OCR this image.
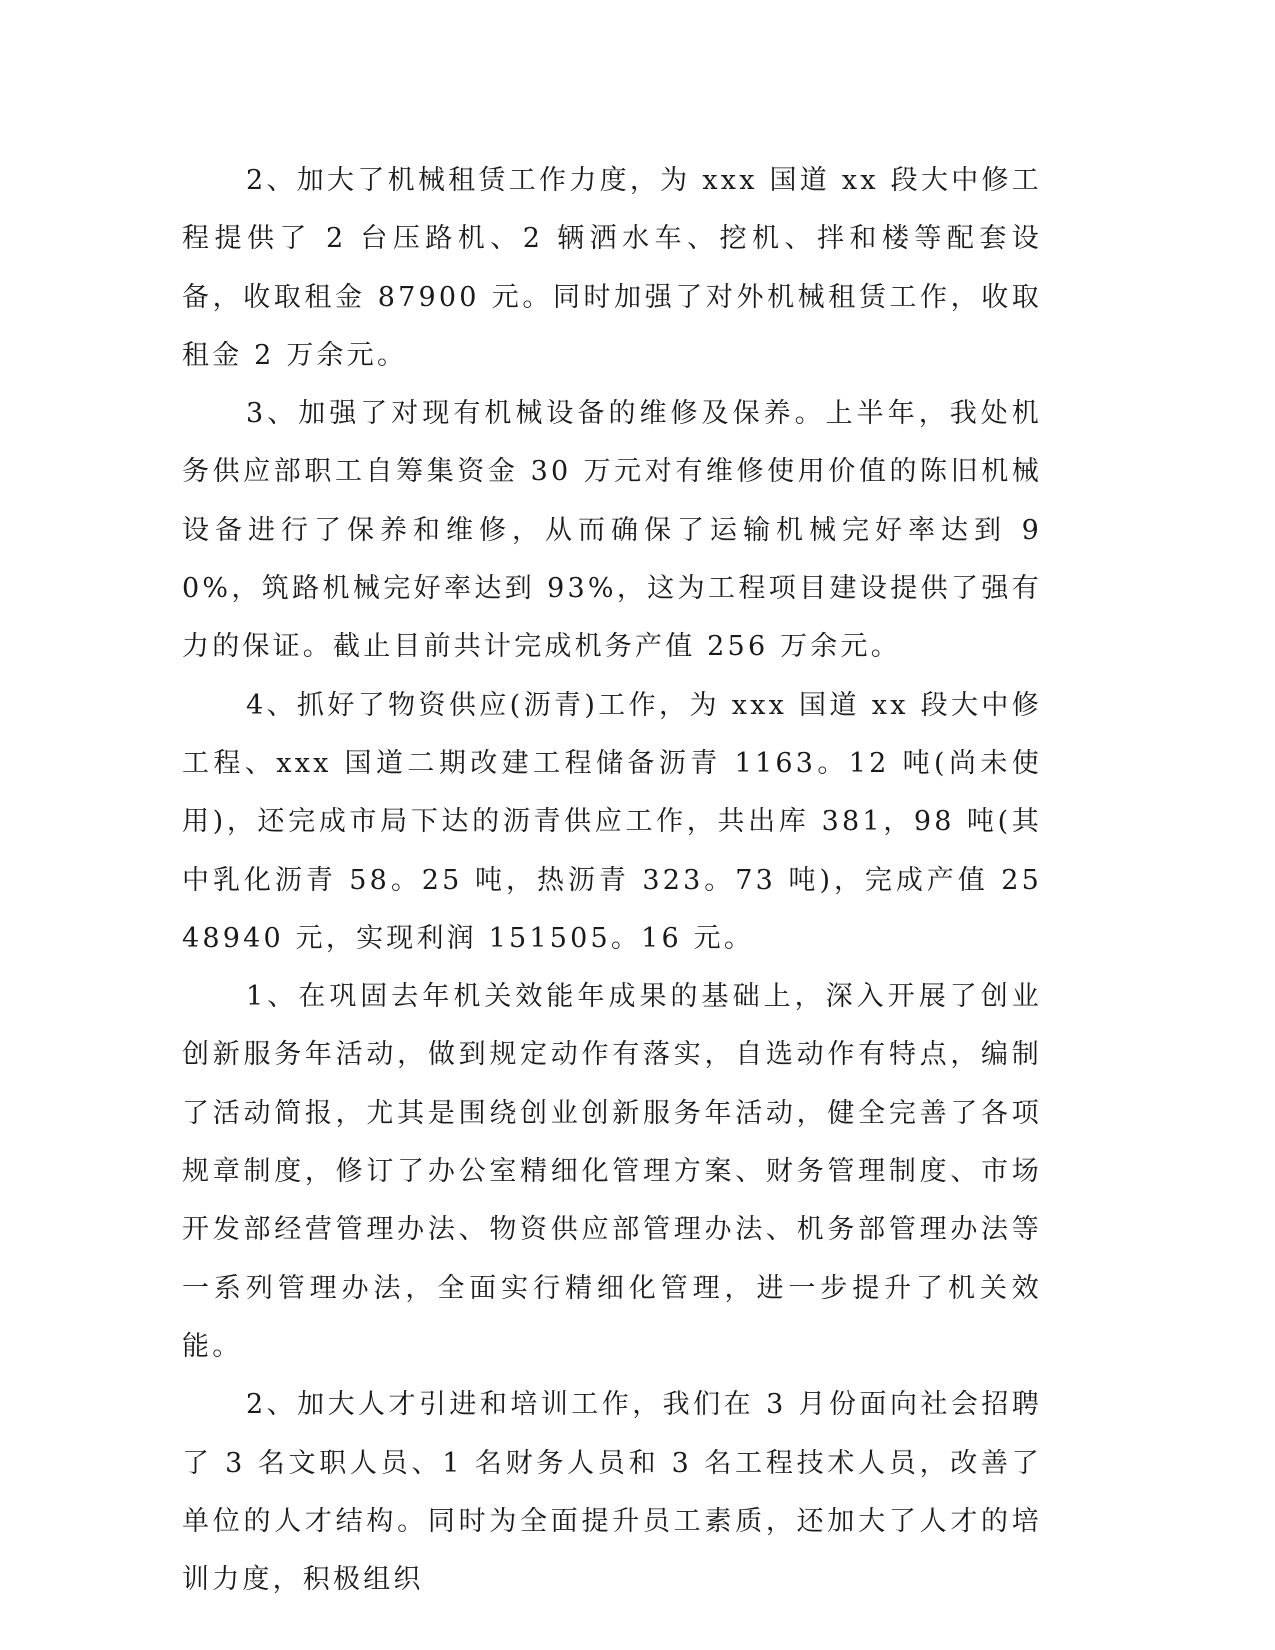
2、加大了机械租赁工作力度，为 xxx 国道 xx 段大中修工程提供了 2 台压路机、2 辆洒水车、挖机、拌和楼等配套设备，收取租金 87900 元。同时加强了对外机械租赁工作，收取租金 2 万余元。

3、加强了对现有机械设备的维修及保养。上半年，我处机务供应部职工自筹集资金 30 万元对有维修使用价值的陈旧机械设备进行了保养和维修，从而确保了运输机械完好率达到 90%，筑路机械完好率达到 93%，这为工程项目建设提供了强有力的保证。截止目前共计完成机务产值 256 万余元。

4、抓好了物资供应(沥青)工作，为 xxx 国道 xx 段大中修工程、xxx 国道二期改建工程储备沥青 1163。12 吨(尚未使用)，还完成市局下达的沥青供应工作，共出库 381，98 吨(其中乳化沥青 58。25 吨，热沥青 323。73 吨)，完成产值 2548940 元，实现利润 151505。16 元。

1、在巩固去年机关效能年成果的基础上，深入开展了创业创新服务年活动，做到规定动作有落实，自选动作有特点，编制了活动简报，尤其是围绕创业创新服务年活动，健全完善了各项规章制度，修订了办公室精细化管理方案、财务管理制度、市场开发部经营管理办法、物资供应部管理办法、机务部管理办法等一系列管理办法，全面实行精细化管理，进一步提升了机关效能。

2、加大人才引进和培训工作，我们在 3 月份面向社会招聘了 3 名文职人员、1 名财务人员和 3 名工程技术人员，改善了单位的人才结构。同时为全面提升员工素质，还加大了人才的培训力度，积极组织
